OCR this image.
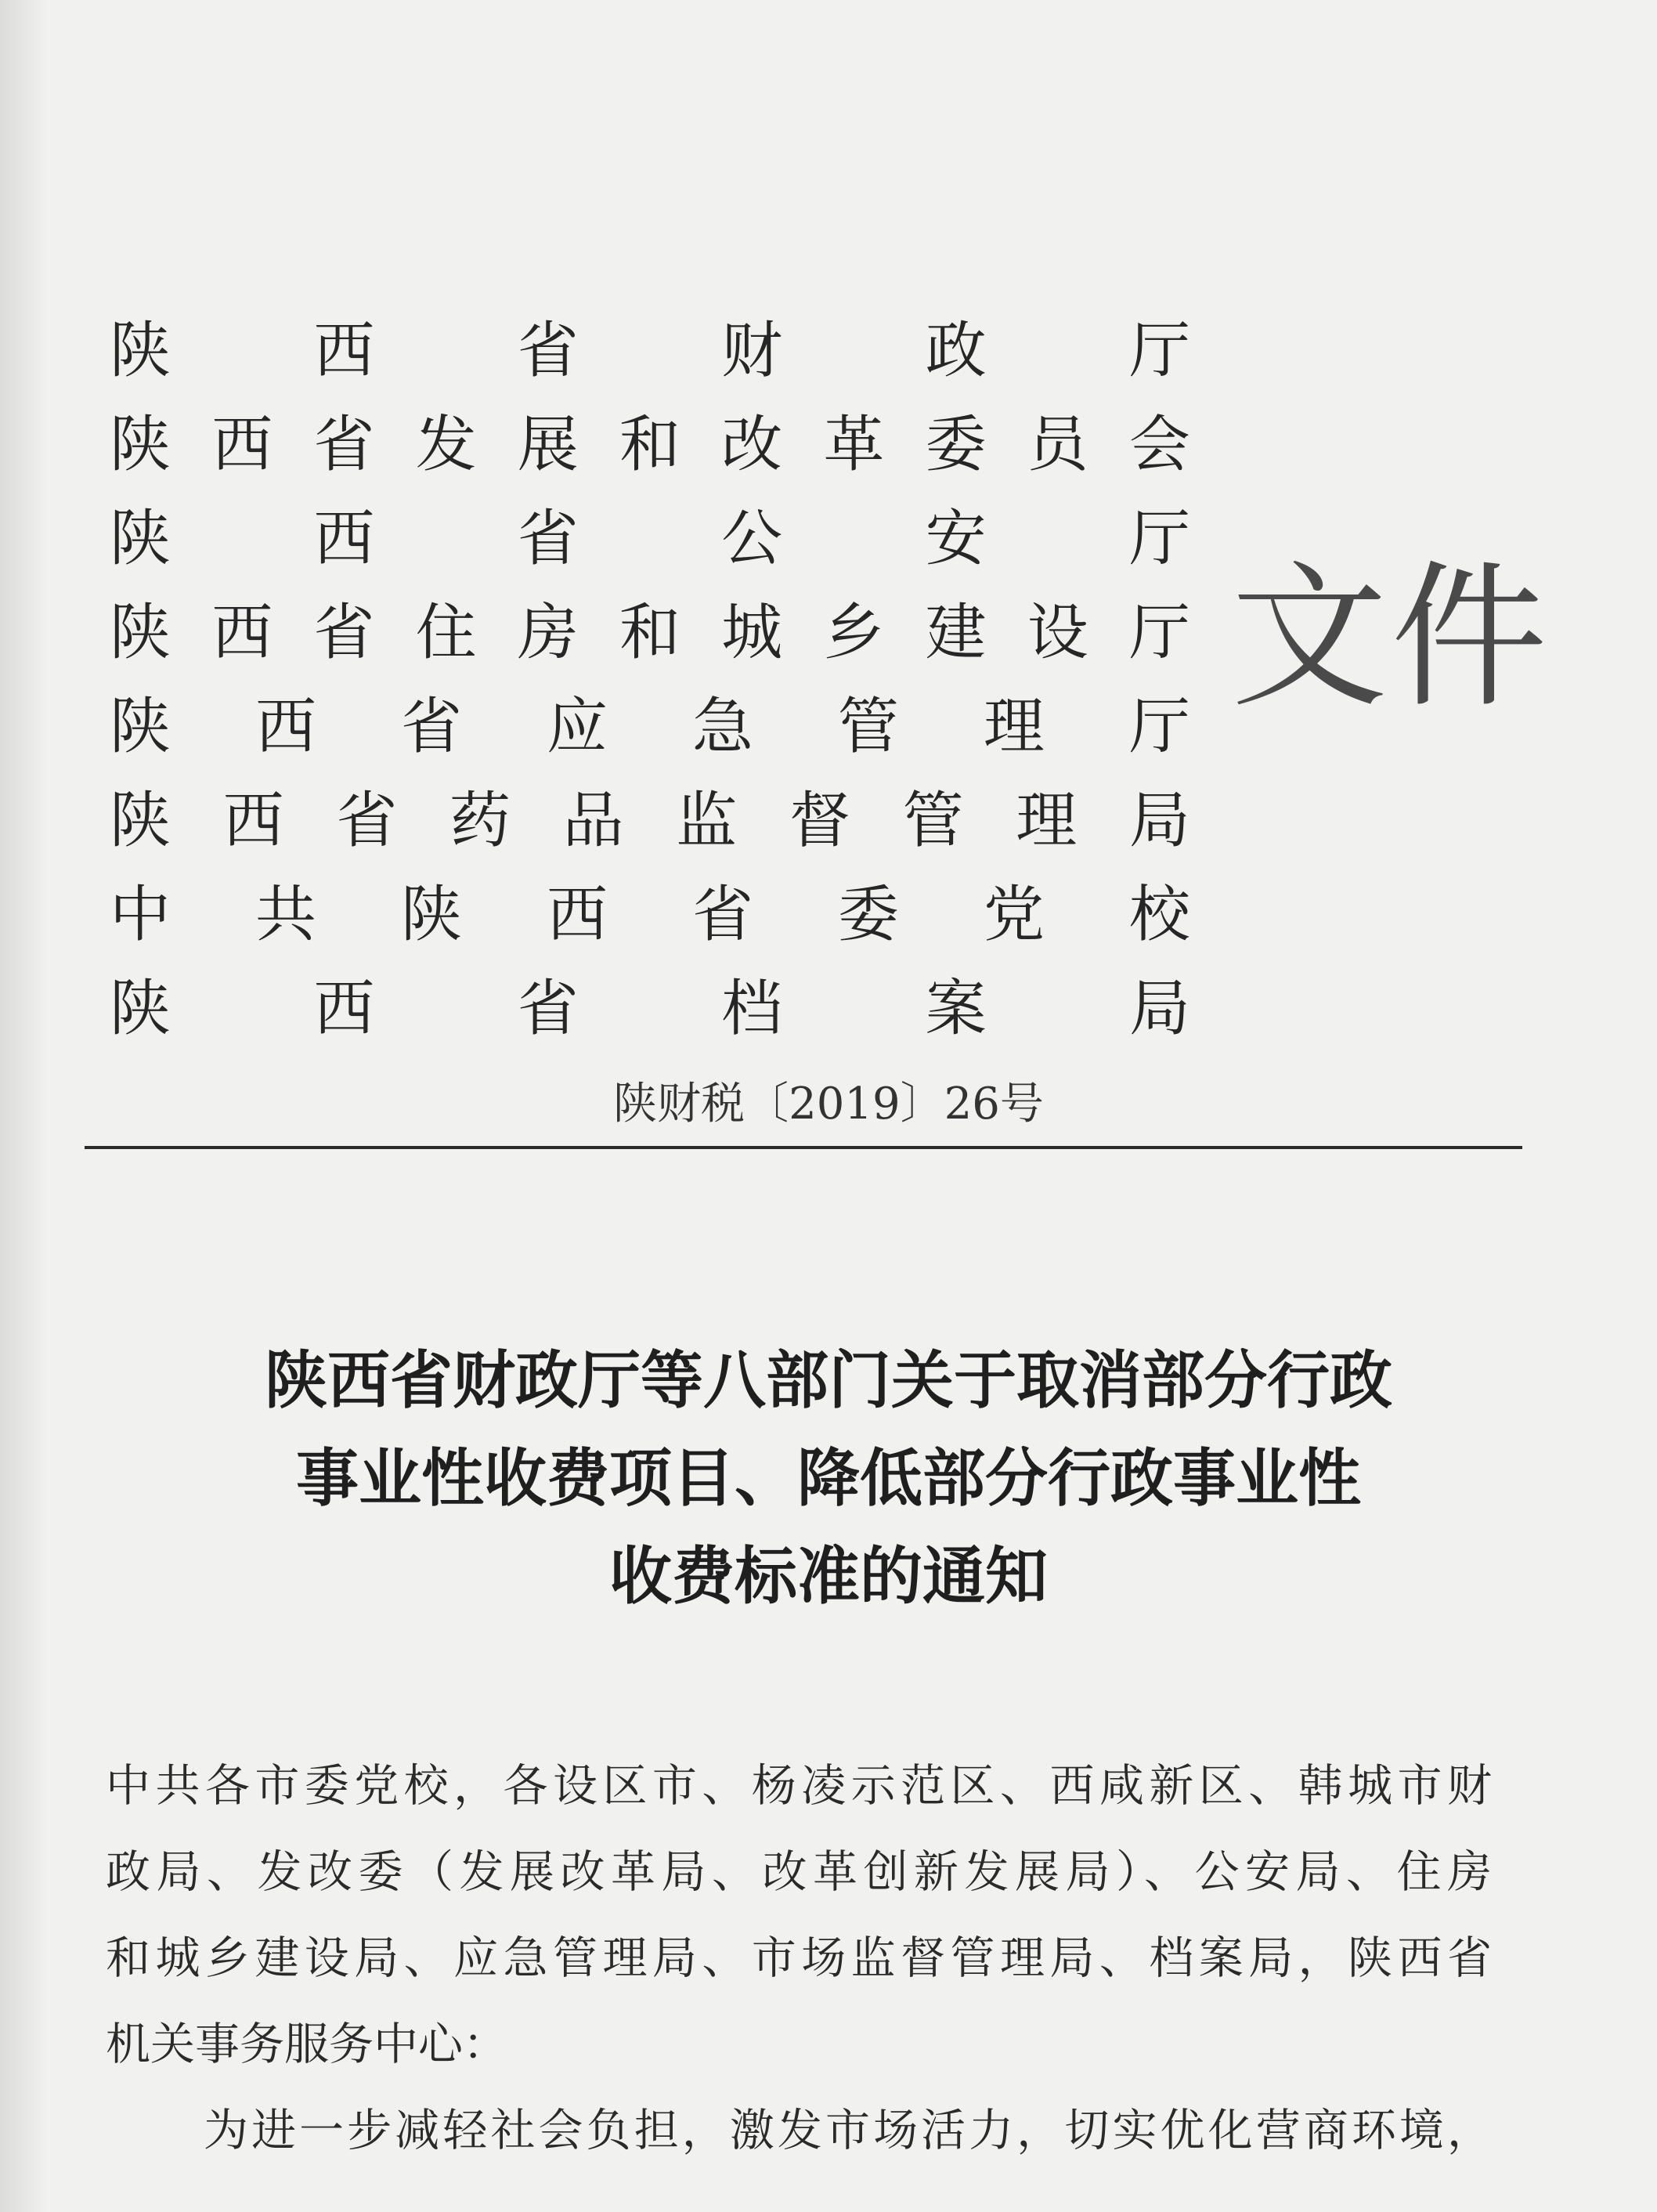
陕 西 省 财 政 厅
陕 西 省 发 展 和 改 革 委 员 会
陕 西 省 公 安 厅
陕 西 省 住 房 和 城 乡 建 设 厅
陕 西 省 应 急 管 理 厅
陕 西 省 药 品 监 督 管 理 局
中 共 陕 西 省 委 党 校
陕 西 省 档 案 局
文件
陕财税〔2019〕26号
陕西省财政厅等八部门关于取消部分行政
事业性收费项目、降低部分行政事业性
收费标准的通知
中共各市委党校，各设区市、杨凌示范区、西咸新区、韩城市财
政局、发改委（发展改革局、改革创新发展局）、公安局、住房
和城乡建设局、应急管理局、市场监督管理局、档案局，陕西省
机关事务服务中心：
为进一步减轻社会负担，激发市场活力，切实优化营商环境，
